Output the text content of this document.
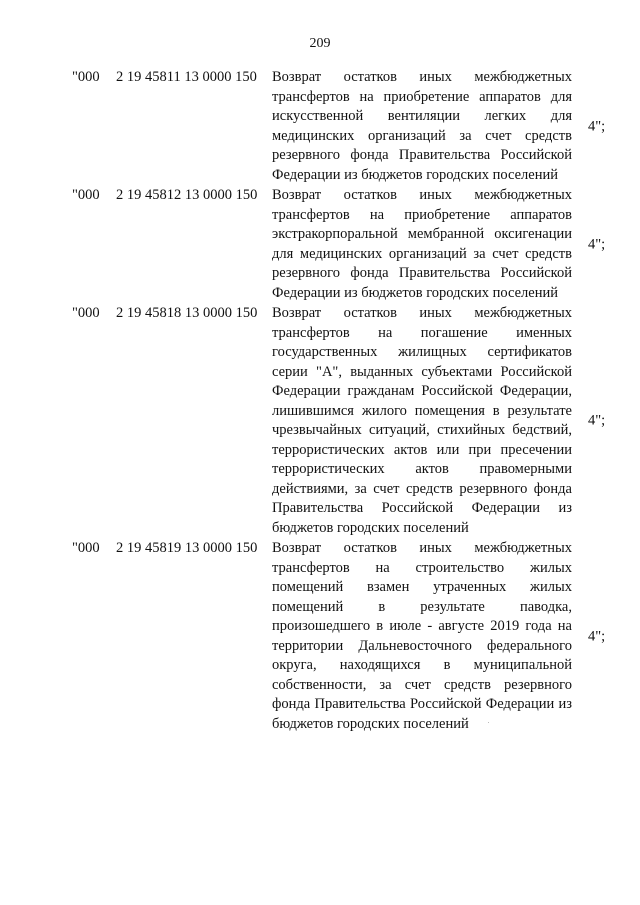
209
"000 2 19 45811 13 0000 150 Возврат остатков иных межбюджетных трансфертов на приобретение аппаратов для искусственной вентиляции легких для медицинских организаций за счет средств резервного фонда Правительства Российской Федерации из бюджетов городских поселений
4";
"000 2 19 45812 13 0000 150 Возврат остатков иных межбюджетных трансфертов на приобретение аппаратов экстракорпоральной мембранной оксигенации для медицинских организаций за счет средств резервного фонда Правительства Российской Федерации из бюджетов городских поселений
4";
"000 2 19 45818 13 0000 150 Возврат остатков иных межбюджетных трансфертов на погашение именных государственных жилищных сертификатов серии "А", выданных субъектами Российской Федерации гражданам Российской Федерации, лишившимся жилого помещения в результате чрезвычайных ситуаций, стихийных бедствий, террористических актов или при пресечении террористических актов правомерными действиями, за счет средств резервного фонда Правительства Российской Федерации из бюджетов городских поселений
4";
"000 2 19 45819 13 0000 150 Возврат остатков иных межбюджетных трансфертов на строительство жилых помещений взамен утраченных жилых помещений в результате паводка, произошедшего в июле - августе 2019 года на территории Дальневосточного федерального округа, находящихся в муниципальной собственности, за счет средств резервного фонда Правительства Российской Федерации из бюджетов городских поселений
4";
